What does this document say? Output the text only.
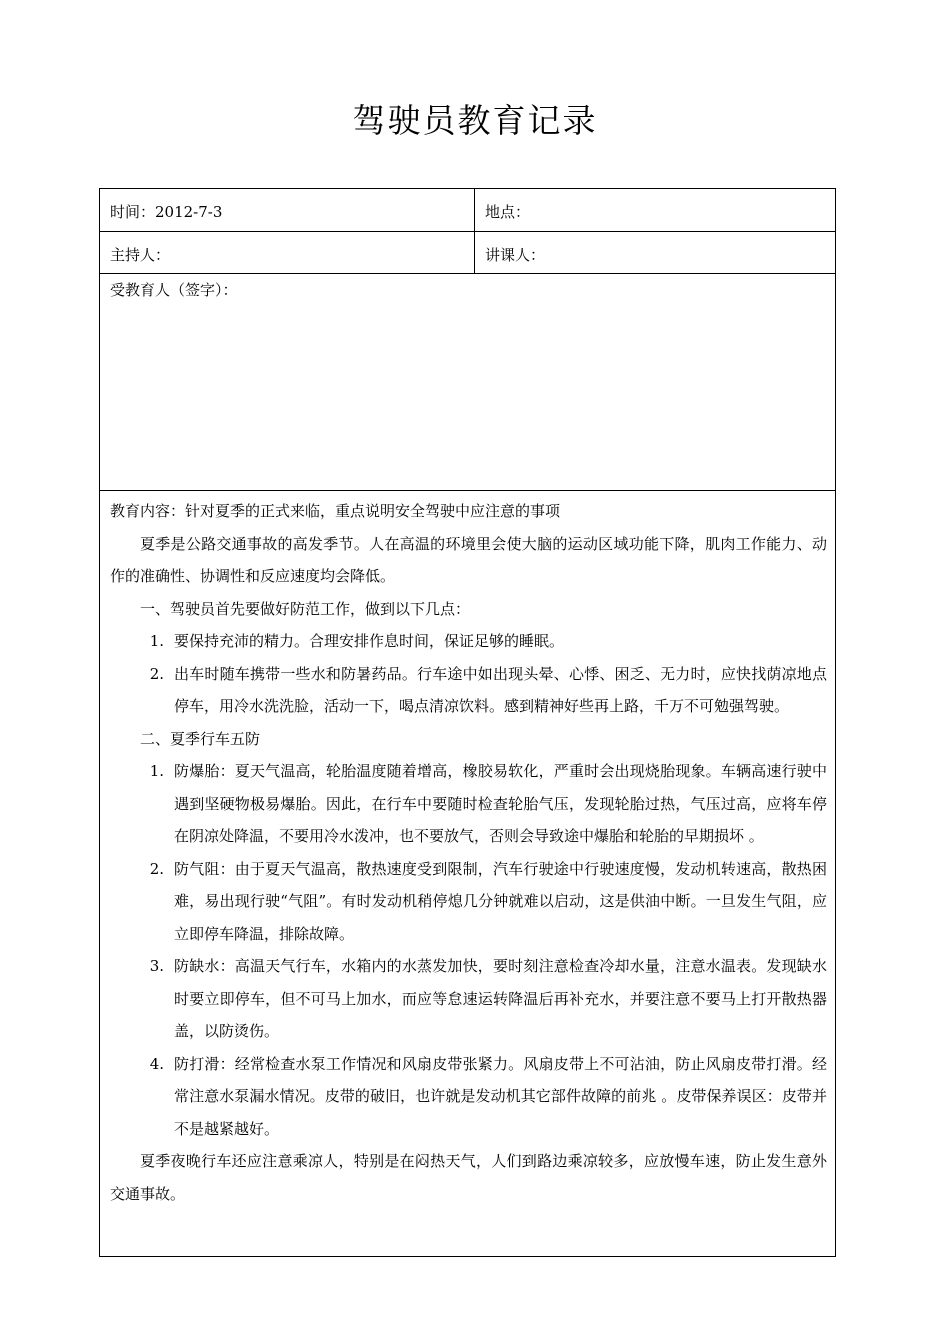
驾驶员教育记录
时间：2012-7-3	地点：
主持人：	讲课人：
受教育人（签字）：

教育内容：针对夏季的正式来临，重点说明安全驾驶中应注意的事项

夏季是公路交通事故的高发季节。人在高温的环境里会使大脑的运动区域功能下降，肌肉工作能力、动作的准确性、协调性和反应速度均会降低。

一、驾驶员首先要做好防范工作，做到以下几点：

1. 要保持充沛的精力。合理安排作息时间，保证足够的睡眠。
2. 出车时随车携带一些水和防暑药品。行车途中如出现头晕、心悸、困乏、无力时，应快找荫凉地点停车，用冷水洗洗脸，活动一下，喝点清凉饮料。感到精神好些再上路，千万不可勉强驾驶。

二、夏季行车五防

1. 防爆胎：夏天气温高，轮胎温度随着增高，橡胶易软化，严重时会出现烧胎现象。车辆高速行驶中遇到坚硬物极易爆胎。因此，在行车中要随时检查轮胎气压，发现轮胎过热，气压过高，应将车停在阴凉处降温，不要用冷水泼冲，也不要放气，否则会导致途中爆胎和轮胎的早期损坏 。
2. 防气阻：由于夏天气温高，散热速度受到限制，汽车行驶途中行驶速度慢，发动机转速高，散热困难，易出现行驶“气阻”。有时发动机稍停熄几分钟就难以启动，这是供油中断。一旦发生气阻，应立即停车降温，排除故障。
3. 防缺水：高温天气行车，水箱内的水蒸发加快，要时刻注意检查冷却水量，注意水温表。发现缺水时要立即停车，但不可马上加水，而应等怠速运转降温后再补充水，并要注意不要马上打开散热器盖，以防烫伤。
4. 防打滑：经常检查水泵工作情况和风扇皮带张紧力。风扇皮带上不可沾油，防止风扇皮带打滑。经常注意水泵漏水情况。皮带的破旧，也许就是发动机其它部件故障的前兆 。皮带保养误区：皮带并不是越紧越好。

夏季夜晚行车还应注意乘凉人，特别是在闷热天气，人们到路边乘凉较多，应放慢车速，防止发生意外交通事故。
